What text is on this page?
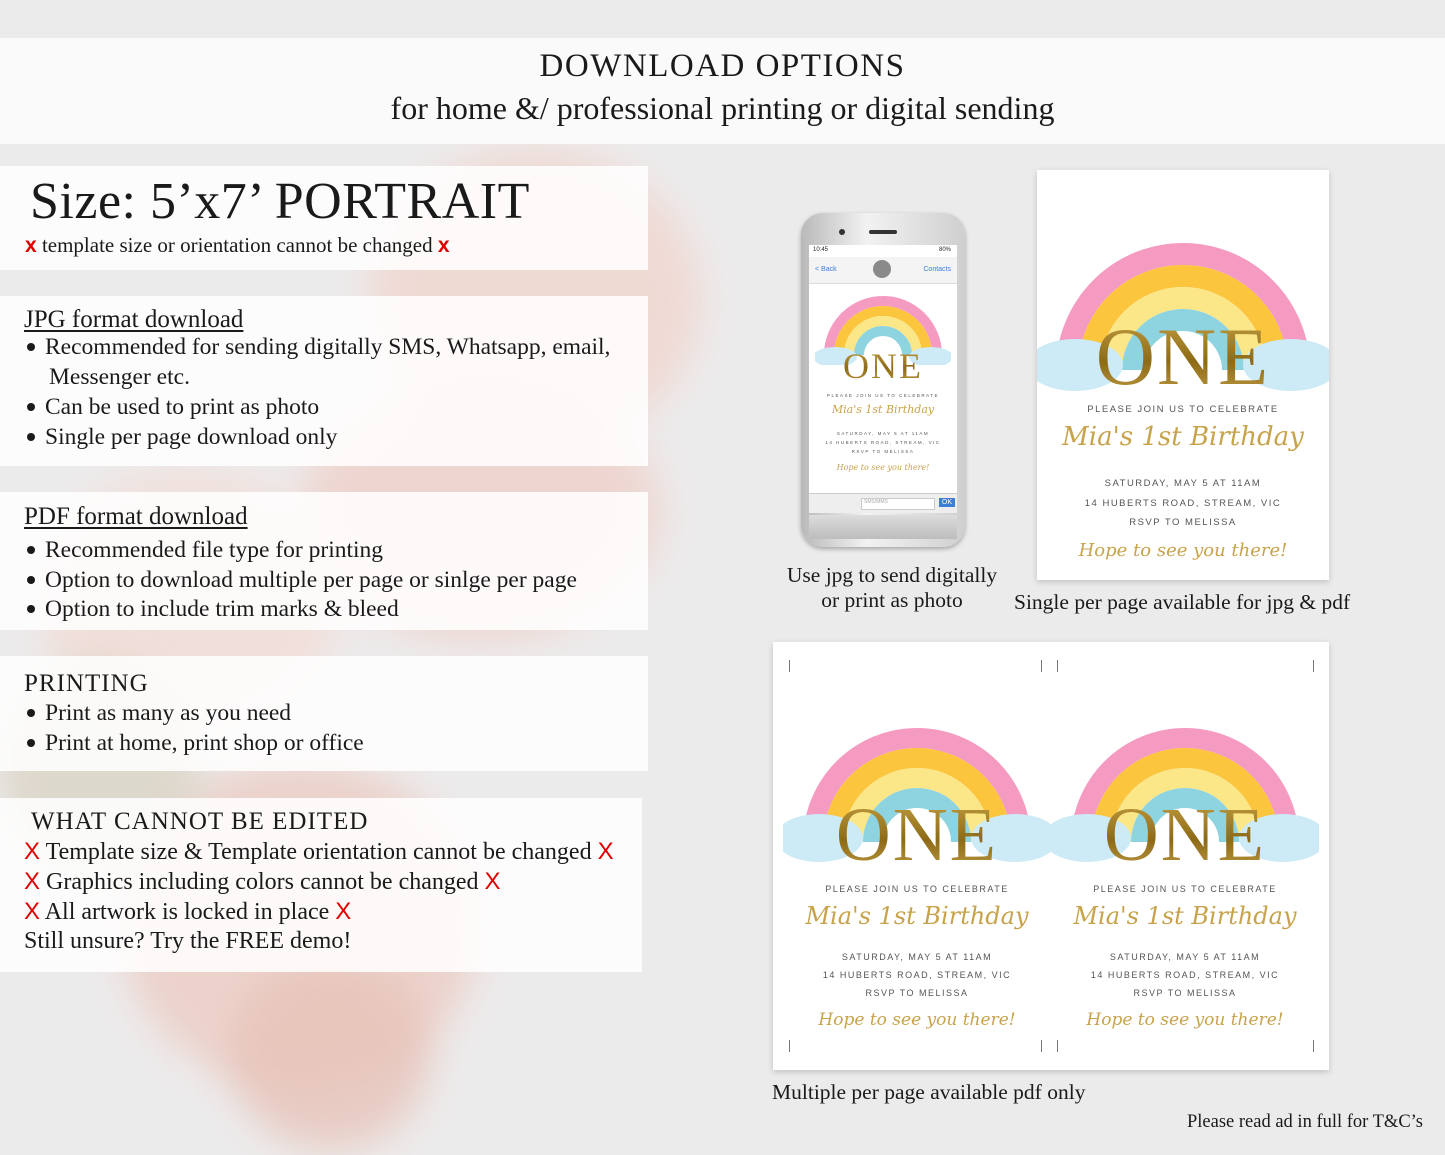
DOWNLOAD OPTIONS
for home &/ professional printing or digital sending
Size: 5’x7’ PORTRAIT
x template size or orientation cannot be changed x
JPG format download
Recommended for sending digitally SMS, Whatsapp, email,
Messenger etc.
Can be used to print as photo
Single per page download only
PDF format download
Recommended file type for printing
Option to download multiple per page or sinlge per page
Option to include trim marks & bleed
PRINTING
Print as many as you need
Print at home, print shop or office
WHAT CANNOT BE EDITED
X Template size & Template orientation cannot be changed X
X Graphics including colors cannot be changed X
X All artwork is locked in place X
Still unsure? Try the FREE demo!
10:45	80%
< Back	Contacts
ONE
PLEASE JOIN US TO CELEBRATE
Mia's 1st Birthday
SATURDAY, MAY 5 AT 11AM
14 HUBERTS ROAD, STREAM, VIC
RSVP TO MELISSA
Hope to see you there!
SMS/MMS	OK
Use jpg to send digitally
or print as photo
ONE
PLEASE JOIN US TO CELEBRATE
Mia's 1st Birthday
SATURDAY, MAY 5 AT 11AM
14 HUBERTS ROAD, STREAM, VIC
RSVP TO MELISSA
Hope to see you there!
Single per page available for jpg & pdf
ONE
PLEASE JOIN US TO CELEBRATE
Mia's 1st Birthday
SATURDAY, MAY 5 AT 11AM
14 HUBERTS ROAD, STREAM, VIC
RSVP TO MELISSA
Hope to see you there!
ONE
PLEASE JOIN US TO CELEBRATE
Mia's 1st Birthday
SATURDAY, MAY 5 AT 11AM
14 HUBERTS ROAD, STREAM, VIC
RSVP TO MELISSA
Hope to see you there!
Multiple per page available pdf only
Please read ad in full for T&C’s
